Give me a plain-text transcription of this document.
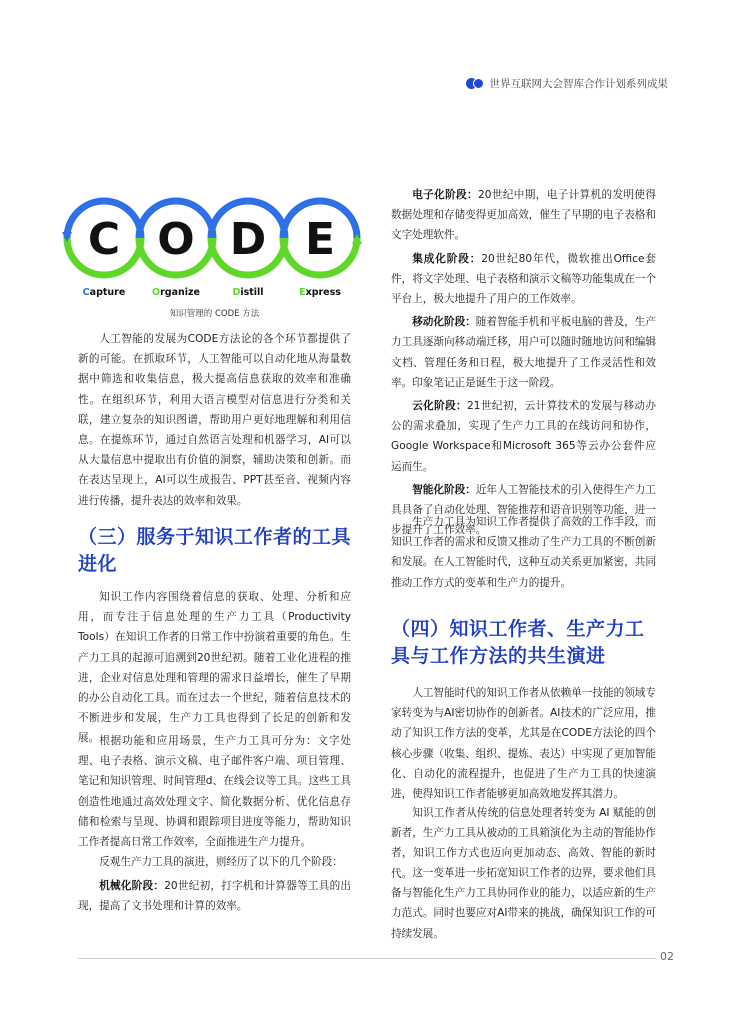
世界互联网大会智库合作计划系列成果
C O D E
Capture	Organize	Distill	Express
知识管理的 CODE 方法

人工智能的发展为CODE方法论的各个环节都提供了新的可能。在抓取环节，人工智能可以自动化地从海量数据中筛选和收集信息，极大提高信息获取的效率和准确性。在组织环节，利用大语言模型对信息进行分类和关联，建立复杂的知识图谱，帮助用户更好地理解和利用信息。在提炼环节，通过自然语言处理和机器学习，AI可以从大量信息中提取出有价值的洞察，辅助决策和创新。而在表达呈现上，AI可以生成报告、PPT甚至音、视频内容进行传播，提升表达的效率和效果。

（三）服务于知识工作者的工具进化

知识工作内容围绕着信息的获取、处理、分析和应用，而专注于信息处理的生产力工具（Productivity　Tools）在知识工作者的日常工作中扮演着重要的角色。生产力工具的起源可追溯到20世纪初。随着工业化进程的推进，企业对信息处理和管理的需求日益增长，催生了早期的办公自动化工具。而在过去一个世纪，随着信息技术的不断进步和发展，生产力工具也得到了长足的创新和发展。 根据功能和应用场景，生产力工具可分为：文字处理、电子表格、演示文稿、电子邮件客户端、项目管理、笔记和知识管理、时间管理d、在线会议等工具。这些工具创造性地通过高效处理文字、简化数据分析、优化信息存储和检索与呈现、协调和跟踪项目进度等能力，帮助知识工作者提高日常工作效率，全面推进生产力提升。

反观生产力工具的演进，则经历了以下的几个阶段：

机械化阶段：20世纪初，打字机和计算器等工具的出现，提高了文书处理和计算的效率。

电子化阶段：20世纪中期，电子计算机的发明使得数据处理和存储变得更加高效，催生了早期的电子表格和文字处理软件。

集成化阶段：20世纪80年代，微软推出Office套件，将文字处理、电子表格和演示文稿等功能集成在一个平台上，极大地提升了用户的工作效率。

移动化阶段：随着智能手机和平板电脑的普及，生产力工具逐渐向移动端迁移，用户可以随时随地访问和编辑文档、管理任务和日程，极大地提升了工作灵活性和效率。印象笔记正是诞生于这一阶段。

云化阶段：21世纪初，云计算技术的发展与移动办公的需求叠加，实现了生产力工具的在线访问和协作，Google Workspace和Microsoft 365等云办公套件应运而生。

智能化阶段：近年人工智能技术的引入使得生产力工具具备了自动化处理、智能推荐和语音识别等功能，进一步提升了工作效率。

生产力工具为知识工作者提供了高效的工作手段，而知识工作者的需求和反馈又推动了生产力工具的不断创新和发展。在人工智能时代，这种互动关系更加紧密，共同推动工作方式的变革和生产力的提升。

（四）知识工作者、生产力工具与工作方法的共生演进

人工智能时代的知识工作者从依赖单一技能的领域专家转变为与AI密切协作的创新者。AI技术的广泛应用，推动了知识工作方法的变革，尤其是在CODE方法论的四个核心步骤（收集、组织、提炼、表达）中实现了更加智能化、自动化的流程提升，也促进了生产力工具的快速演进，使得知识工作者能够更加高效地发挥其潜力。

知识工作者从传统的信息处理者转变为 AI 赋能的创新者，生产力工具从被动的工具箱演化为主动的智能协作者，知识工作方式也迈向更加动态、高效、智能的新时代。 这一变革进一步拓宽知识工作者的边界，要求他们具备与智能化生产力工具协同作业的能力，以适应新的生产力范式。同时也要应对AI带来的挑战，确保知识工作的可持续发展。

02
